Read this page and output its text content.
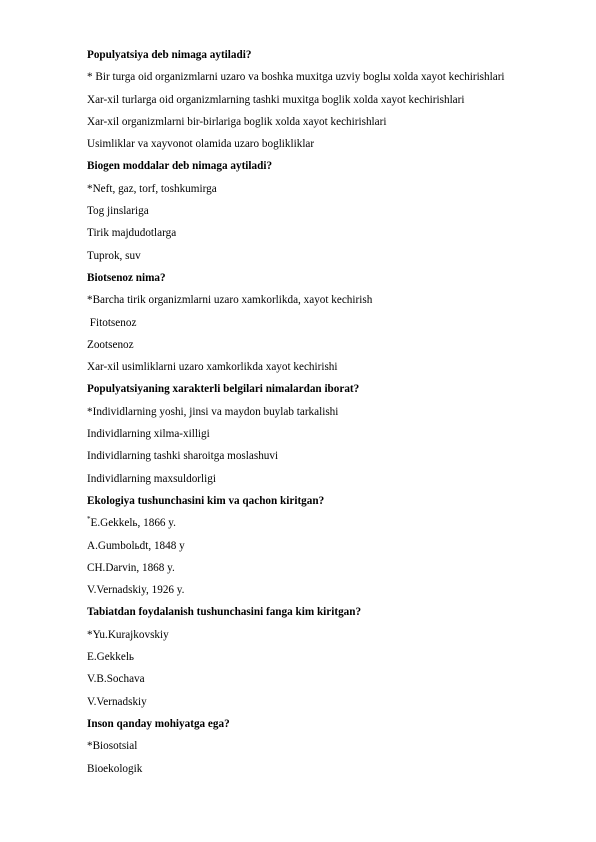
Populyatsiya deb nimaga aytiladi?
* Bir turga oid organizmlarni uzaro va boshka muxitga uzviy boglы xolda xayot kechirishlari
Xar-xil turlarga oid organizmlarning tashki muxitga boglik xolda xayot kechirishlari
Xar-xil organizmlarni bir-birlariga boglik xolda xayot kechirishlari
Usimliklar va xayvonot olamida uzaro boglikliklar
Biogen moddalar deb nimaga aytiladi?
*Neft, gaz, torf, toshkumirga
Tog jinslariga
Tirik majdudotlarga
Tuprok, suv
Biotsenoz nima?
*Barcha tirik organizmlarni uzaro xamkorlikda, xayot kechirish
Fitotsenoz
Zootsenoz
Xar-xil usimliklarni uzaro xamkorlikda xayot kechirishi
Populyatsiyaning xarakterli belgilari nimalardan iborat?
*Individlarning yoshi, jinsi va maydon buylab tarkalishi
Individlarning xilma-xilligi
Individlarning tashki sharoitga moslashuvi
Individlarning maxsuldorligi
Ekologiya tushunchasini kim va qachon kiritgan?
*E.Gekkelь, 1866 y.
A.Gumbolьdt, 1848 y
CH.Darvin, 1868 y.
V.Vernadskiy, 1926 y.
Tabiatdan foydalanish tushunchasini fanga kim kiritgan?
*Yu.Kurajkovskiy
E.Gekkelь
V.B.Sochava
V.Vernadskiy
Inson qanday mohiyatga ega?
*Biosotsial
Bioekologik
